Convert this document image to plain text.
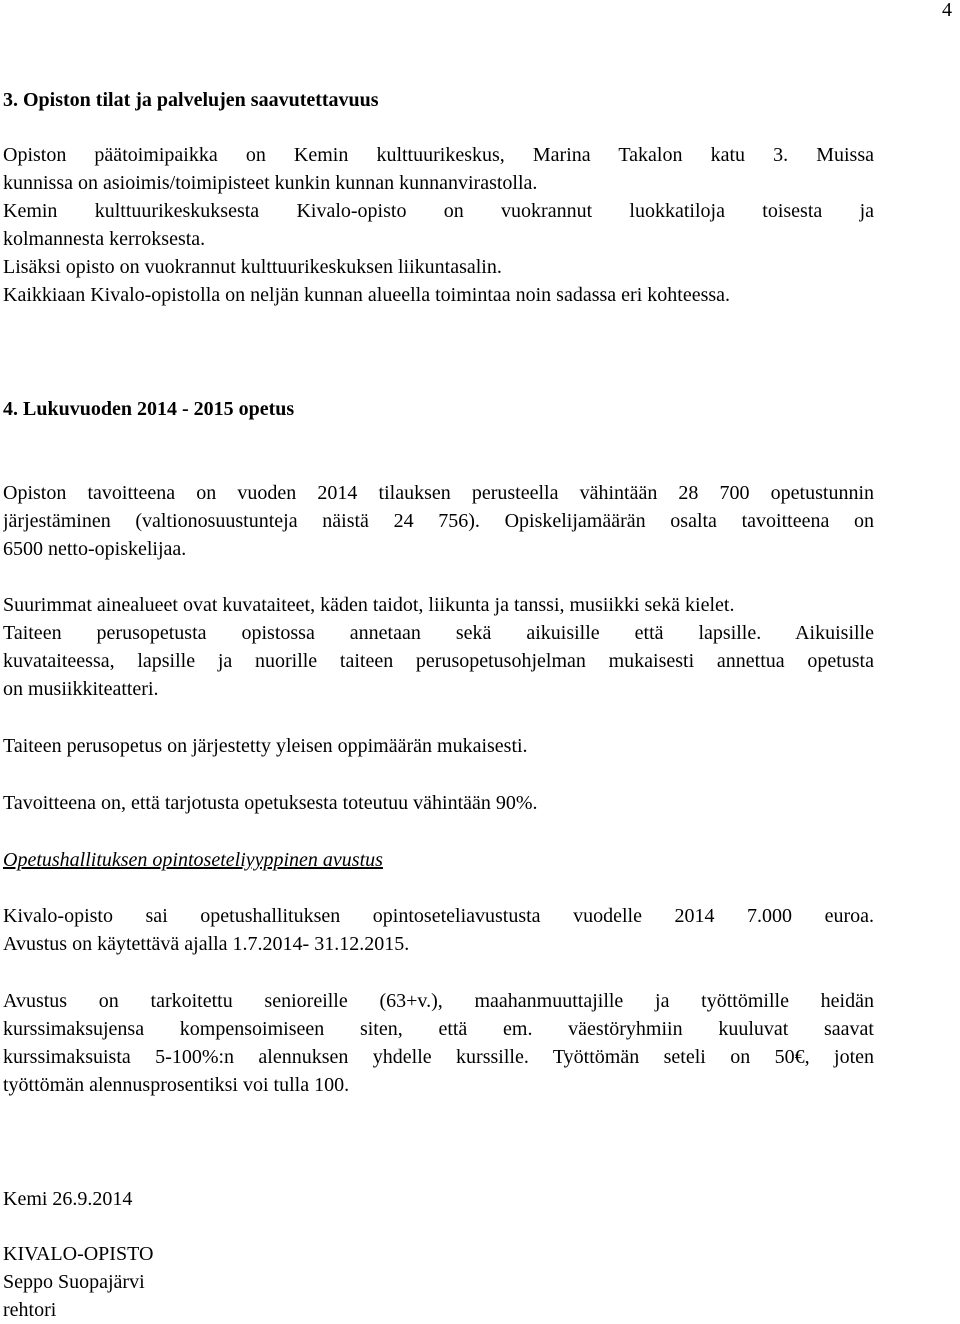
4
3. Opiston tilat ja palvelujen saavutettavuus
Opiston päätoimipaikka on Kemin kulttuurikeskus, Marina Takalon katu 3. Muissa
kunnissa on asioimis/toimipisteet kunkin kunnan kunnanvirastolla.
Kemin kulttuurikeskuksesta Kivalo-opisto on vuokrannut luokkatiloja toisesta ja
kolmannesta kerroksesta.
Lisäksi opisto on vuokrannut kulttuurikeskuksen liikuntasalin.
Kaikkiaan Kivalo-opistolla on neljän kunnan alueella toimintaa noin sadassa eri kohteessa.
4. Lukuvuoden 2014 - 2015 opetus
Opiston tavoitteena on vuoden 2014 tilauksen perusteella vähintään 28 700 opetustunnin
järjestäminen (valtionosuustunteja näistä 24 756). Opiskelijamäärän osalta tavoitteena on
6500 netto-opiskelijaa.
Suurimmat ainealueet ovat kuvataiteet, käden taidot, liikunta ja tanssi, musiikki sekä kielet.
Taiteen perusopetusta opistossa annetaan sekä aikuisille että lapsille. Aikuisille
kuvataiteessa, lapsille ja nuorille taiteen perusopetusohjelman mukaisesti annettua opetusta
on musiikkiteatteri.
Taiteen perusopetus on järjestetty yleisen oppimäärän mukaisesti.
Tavoitteena on, että tarjotusta opetuksesta toteutuu vähintään 90%.
Opetushallituksen opintoseteliyyppinen avustus
Kivalo-opisto sai opetushallituksen opintoseteliavustusta vuodelle 2014 7.000 euroa.
Avustus on käytettävä ajalla 1.7.2014- 31.12.2015.
Avustus on tarkoitettu senioreille (63+v.), maahanmuuttajille ja työttömille heidän
kurssimaksujensa kompensoimiseen siten, että em. väestöryhmiin kuuluvat saavat
kurssimaksuista 5-100%:n alennuksen yhdelle kurssille. Työttömän seteli on 50€, joten
työttömän alennusprosentiksi voi tulla 100.
Kemi 26.9.2014
KIVALO-OPISTO
Seppo Suopajärvi
rehtori
